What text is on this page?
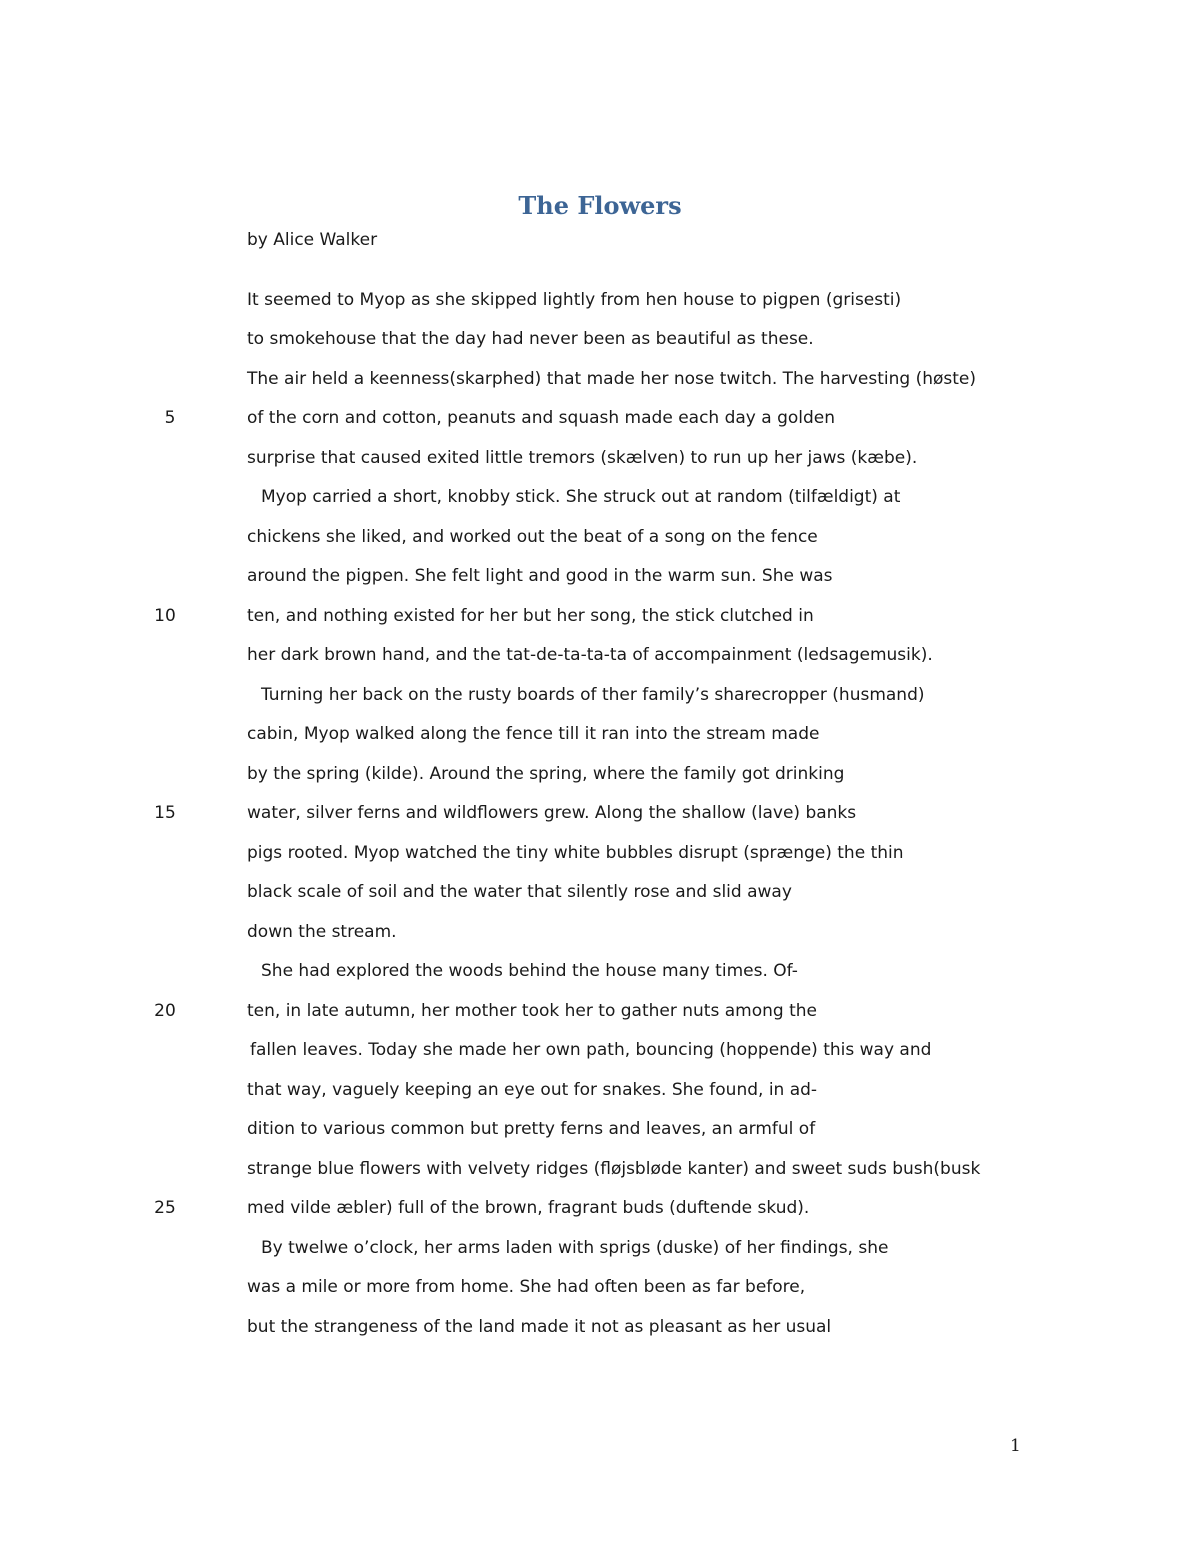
The Flowers
by Alice Walker
It seemed to Myop as she skipped lightly from hen house to pigpen (grisesti)
to smokehouse that the day had never been as beautiful as these.
The air held a keenness(skarphed) that made her nose twitch. The harvesting (høste)
of the corn and cotton, peanuts and squash made each day a golden
surprise that caused exited little tremors (skælven) to run up her jaws (kæbe).
Myop carried a short, knobby stick. She struck out at random (tilfældigt) at
chickens she liked, and worked out the beat of a song on the fence
around the pigpen. She felt light and good in the warm sun. She was
ten, and nothing existed for her but her song, the stick clutched in
her dark brown hand, and the tat-de-ta-ta-ta of accompainment (ledsagemusik).
Turning her back on the rusty boards of ther family’s sharecropper (husmand)
cabin, Myop walked along the fence till it ran into the stream made
by the spring (kilde). Around the spring, where the family got drinking
water, silver ferns and wildflowers grew. Along the shallow (lave) banks
pigs rooted. Myop watched the tiny white bubbles disrupt (sprænge) the thin
black scale of soil and the water that silently rose and slid away
down the stream.
She had explored the woods behind the house many times. Of-
ten, in late autumn, her mother took her to gather nuts among the
fallen leaves. Today she made her own path, bouncing (hoppende) this way and
that way, vaguely keeping an eye out for snakes. She found, in ad-
dition to various common but pretty ferns and leaves, an armful of
strange blue flowers with velvety ridges (fløjsbløde kanter) and sweet suds bush(busk
med vilde æbler) full of the brown, fragrant buds (duftende skud).
By twelwe o’clock, her arms laden with sprigs (duske) of her findings, she
was a mile or more from home. She had often been as far before,
but the strangeness of the land made it not as pleasant as her usual
5
10
15
20
25
1
